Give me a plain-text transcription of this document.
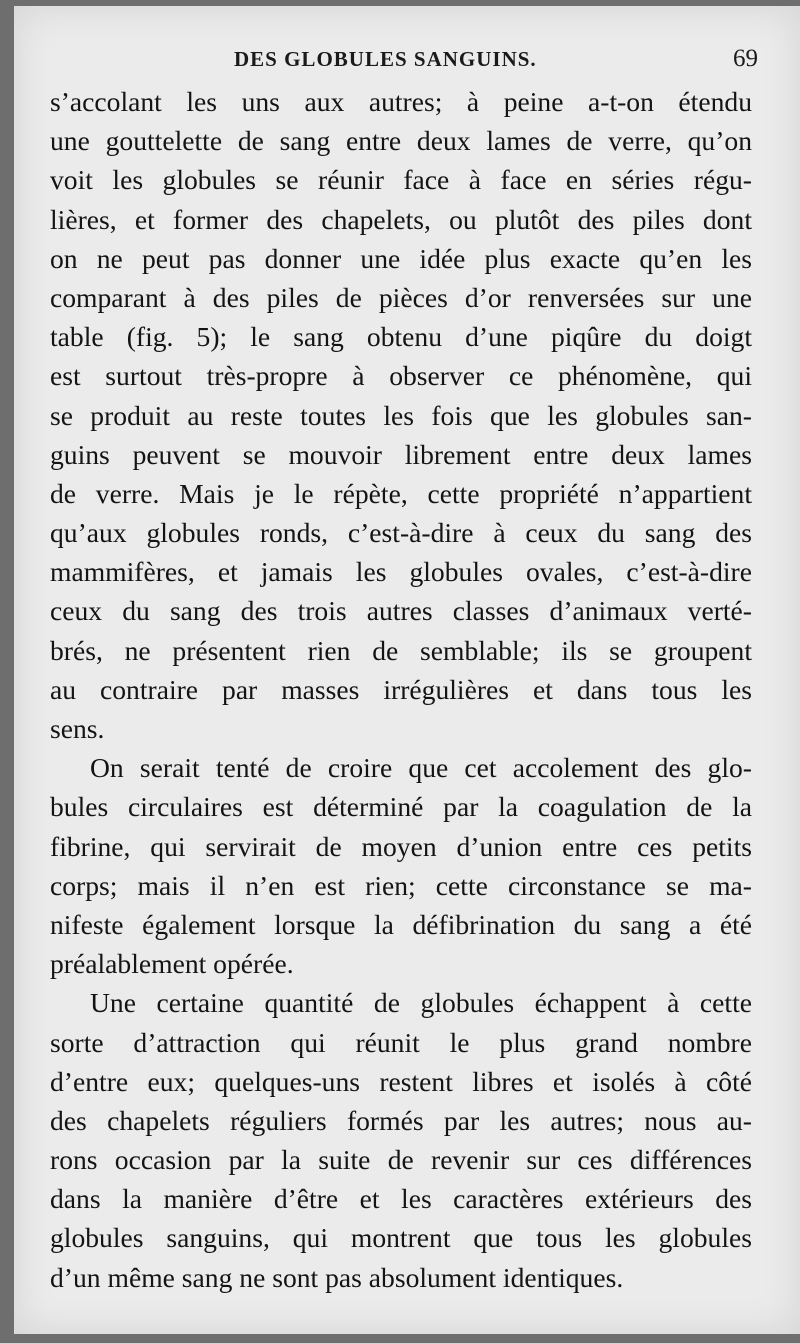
DES GLOBULES SANGUINS.	69
s’accolant les uns aux autres; à peine a-t-on étendu
une gouttelette de sang entre deux lames de verre, qu’on
voit les globules se réunir face à face en séries régu-
lières, et former des chapelets, ou plutôt des piles dont
on ne peut pas donner une idée plus exacte qu’en les
comparant à des piles de pièces d’or renversées sur une
table (fig. 5); le sang obtenu d’une piqûre du doigt
est surtout très-propre à observer ce phénomène, qui
se produit au reste toutes les fois que les globules san-
guins peuvent se mouvoir librement entre deux lames
de verre. Mais je le répète, cette propriété n’appartient
qu’aux globules ronds, c’est-à-dire à ceux du sang des
mammifères, et jamais les globules ovales, c’est-à-dire
ceux du sang des trois autres classes d’animaux verté-
brés, ne présentent rien de semblable; ils se groupent
au contraire par masses irrégulières et dans tous les
sens.
On serait tenté de croire que cet accolement des glo-
bules circulaires est déterminé par la coagulation de la
fibrine, qui servirait de moyen d’union entre ces petits
corps; mais il n’en est rien; cette circonstance se ma-
nifeste également lorsque la défibrination du sang a été
préalablement opérée.
Une certaine quantité de globules échappent à cette
sorte d’attraction qui réunit le plus grand nombre
d’entre eux; quelques-uns restent libres et isolés à côté
des chapelets réguliers formés par les autres; nous au-
rons occasion par la suite de revenir sur ces différences
dans la manière d’être et les caractères extérieurs des
globules sanguins, qui montrent que tous les globules
d’un même sang ne sont pas absolument identiques.
